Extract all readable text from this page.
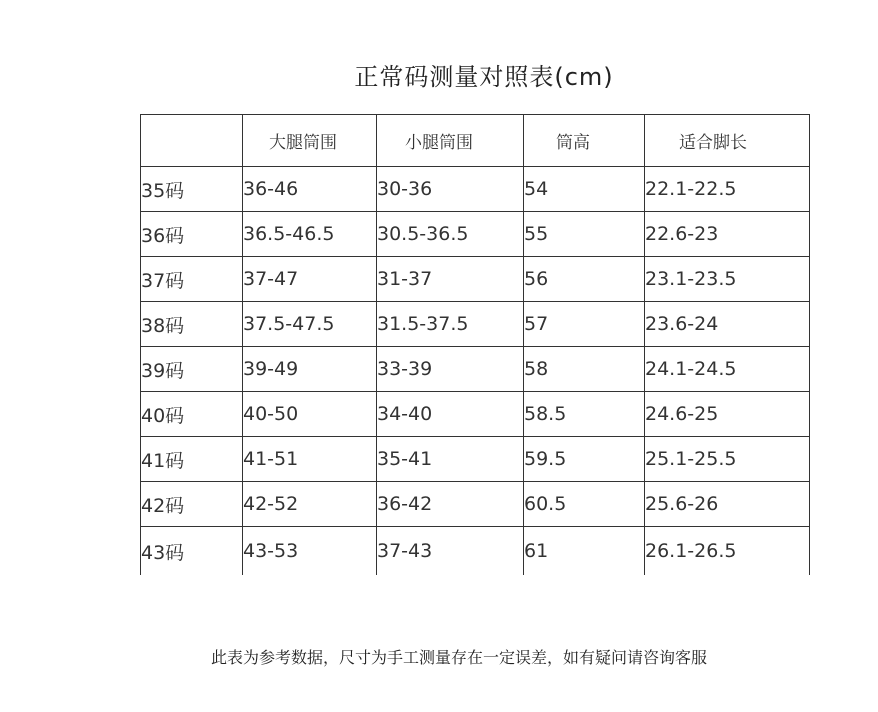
正常码测量对照表(cm)
	大腿筒围	小腿筒围	筒高	适合脚长
35码	36-46	30-36	54	22.1-22.5
36码	36.5-46.5	30.5-36.5	55	22.6-23
37码	37-47	31-37	56	23.1-23.5
38码	37.5-47.5	31.5-37.5	57	23.6-24
39码	39-49	33-39	58	24.1-24.5
40码	40-50	34-40	58.5	24.6-25
41码	41-51	35-41	59.5	25.1-25.5
42码	42-52	36-42	60.5	25.6-26
43码	43-53	37-43	61	26.1-26.5
此表为参考数据，尺寸为手工测量存在一定误差，如有疑问请咨询客服
